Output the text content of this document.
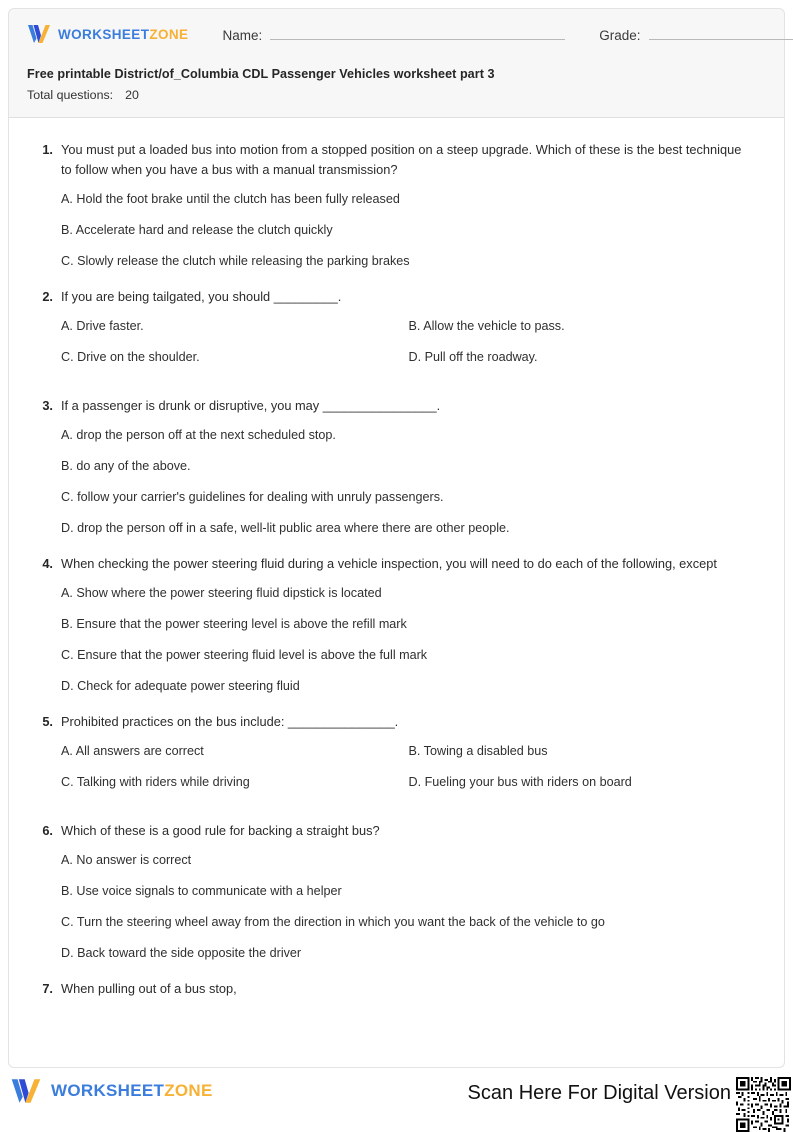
WORKSHEETZONE	Name:	Grade:
Free printable District/of_Columbia CDL Passenger Vehicles worksheet part 3
Total questions: 20
1. You must put a loaded bus into motion from a stopped position on a steep upgrade. Which of these is the best technique to follow when you have a bus with a manual transmission?
A. Hold the foot brake until the clutch has been fully released
B. Accelerate hard and release the clutch quickly
C. Slowly release the clutch while releasing the parking brakes
2. If you are being tailgated, you should _________.
A. Drive faster.	B. Allow the vehicle to pass.
C. Drive on the shoulder.	D. Pull off the roadway.
3. If a passenger is drunk or disruptive, you may ________________.
A. drop the person off at the next scheduled stop.
B. do any of the above.
C. follow your carrier's guidelines for dealing with unruly passengers.
D. drop the person off in a safe, well-lit public area where there are other people.
4. When checking the power steering fluid during a vehicle inspection, you will need to do each of the following, except
A. Show where the power steering fluid dipstick is located
B. Ensure that the power steering level is above the refill mark
C. Ensure that the power steering fluid level is above the full mark
D. Check for adequate power steering fluid
5. Prohibited practices on the bus include: _______________.
A. All answers are correct	B. Towing a disabled bus
C. Talking with riders while driving	D. Fueling your bus with riders on board
6. Which of these is a good rule for backing a straight bus?
A. No answer is correct
B. Use voice signals to communicate with a helper
C. Turn the steering wheel away from the direction in which you want the back of the vehicle to go
D. Back toward the side opposite the driver
7. When pulling out of a bus stop,
WORKSHEETZONE	Scan Here For Digital Version
